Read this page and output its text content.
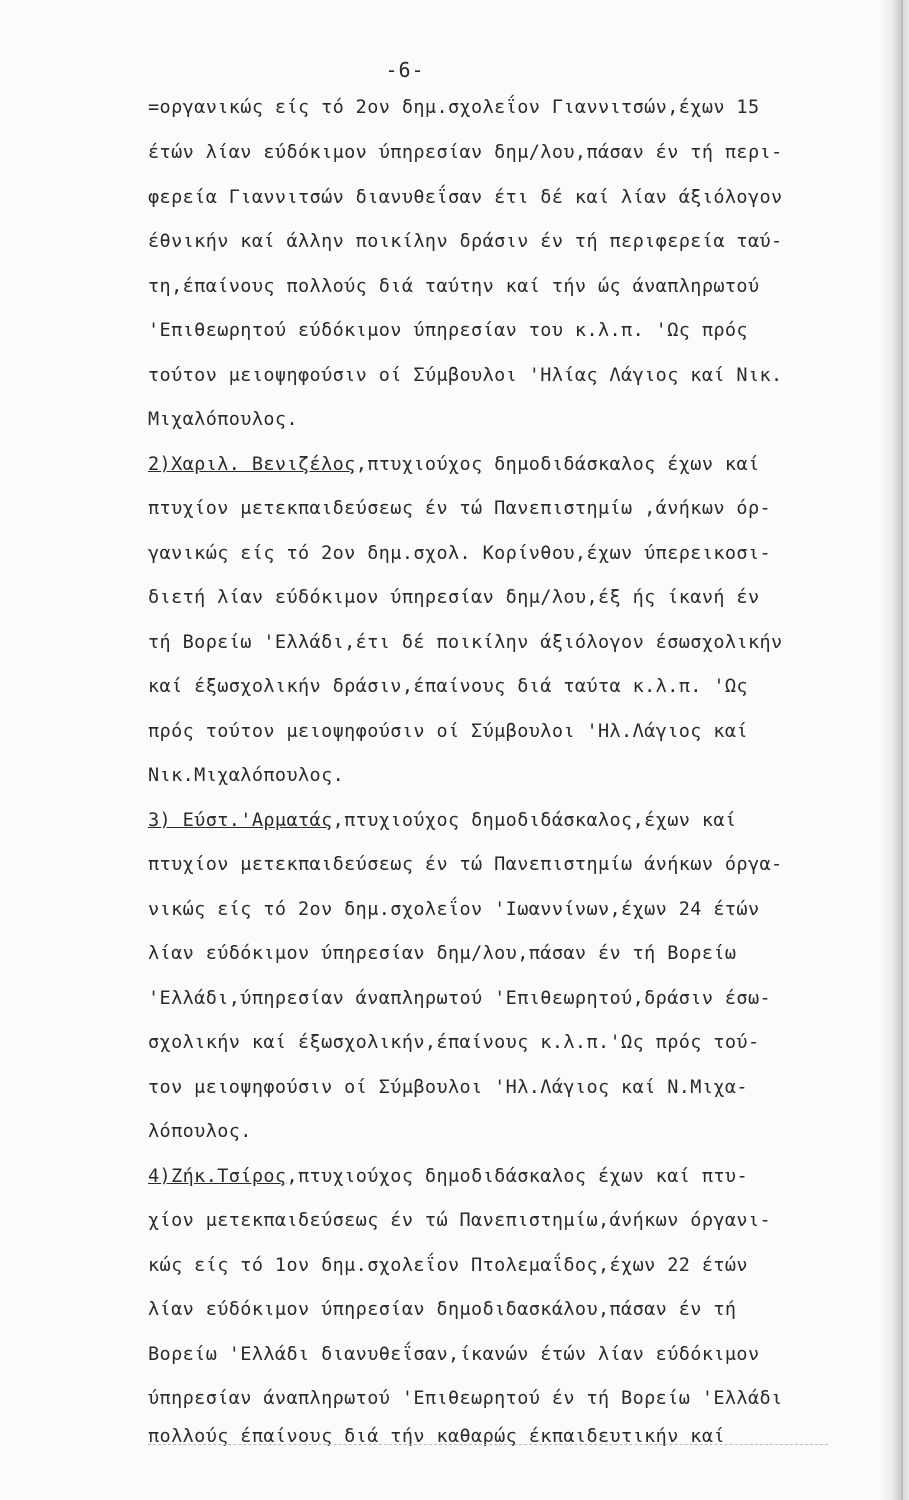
-6-
=οργανικώς είς τό 2ον δημ.σχολεΐον Γιαννιτσών,έχων 15
έτών λίαν εύδόκιμον ύπηρεσίαν δημ/λου,πάσαν έν τή περι-
φερεία Γιαννιτσών διανυθεΐσαν έτι δέ καί λίαν άξιόλογον
έθνικήν καί άλλην ποικίλην δράσιν έν τή περιφερεία ταύ-
τη,έπαίνους πολλούς διά ταύτην καί τήν ώς άναπληρωτού
'Επιθεωρητού εύδόκιμον ύπηρεσίαν του κ.λ.π. 'Ως πρός
τούτον μειοψηφούσιν οί Σύμβουλοι 'Ηλίας Λάγιος καί Νικ.
Μιχαλόπουλος.
2)Χαριλ. Βενιζέλος,πτυχιούχος δημοδιδάσκαλος έχων καί
πτυχίον μετεκπαιδεύσεως έν τώ Πανεπιστημίω ,άνήκων όρ-
γανικώς είς τό 2ον δημ.σχολ. Κορίνθου,έχων ύπερεικοσι-
διετή λίαν εύδόκιμον ύπηρεσίαν δημ/λου,έξ ής ίκανή έν
τή Βορείω 'Ελλάδι,έτι δέ ποικίλην άξιόλογον έσωσχολικήν
καί έξωσχολικήν δράσιν,έπαίνους διά ταύτα κ.λ.π. 'Ως
πρός τούτον μειοψηφούσιν οί Σύμβουλοι 'Ηλ.Λάγιος καί
Νικ.Μιχαλόπουλος.
3) Εύστ.'Αρματάς,πτυχιούχος δημοδιδάσκαλος,έχων καί
πτυχίον μετεκπαιδεύσεως έν τώ Πανεπιστημίω άνήκων όργα-
νικώς είς τό 2ον δημ.σχολεΐον 'Ιωαννίνων,έχων 24 έτών
λίαν εύδόκιμον ύπηρεσίαν δημ/λου,πάσαν έν τή Βορείω
'Ελλάδι,ύπηρεσίαν άναπληρωτού 'Επιθεωρητού,δράσιν έσω-
σχολικήν καί έξωσχολικήν,έπαίνους κ.λ.π.'Ως πρός τού-
τον μειοψηφούσιν οί Σύμβουλοι 'Ηλ.Λάγιος καί Ν.Μιχα-
λόπουλος.
4)Ζήκ.Τσίρος,πτυχιούχος δημοδιδάσκαλος έχων καί πτυ-
χίον μετεκπαιδεύσεως έν τώ Πανεπιστημίω,άνήκων όργανι-
κώς είς τό 1ον δημ.σχολεΐον Πτολεμαΐδος,έχων 22 έτών
λίαν εύδόκιμον ύπηρεσίαν δημοδιδασκάλου,πάσαν έν τή
Βορείω 'Ελλάδι διανυθεΐσαν,ίκανών έτών λίαν εύδόκιμον
ύπηρεσίαν άναπληρωτού 'Επιθεωρητού έν τή Βορείω 'Ελλάδι
πολλούς έπαίνους διά τήν καθαρώς έκπαιδευτικήν καί
